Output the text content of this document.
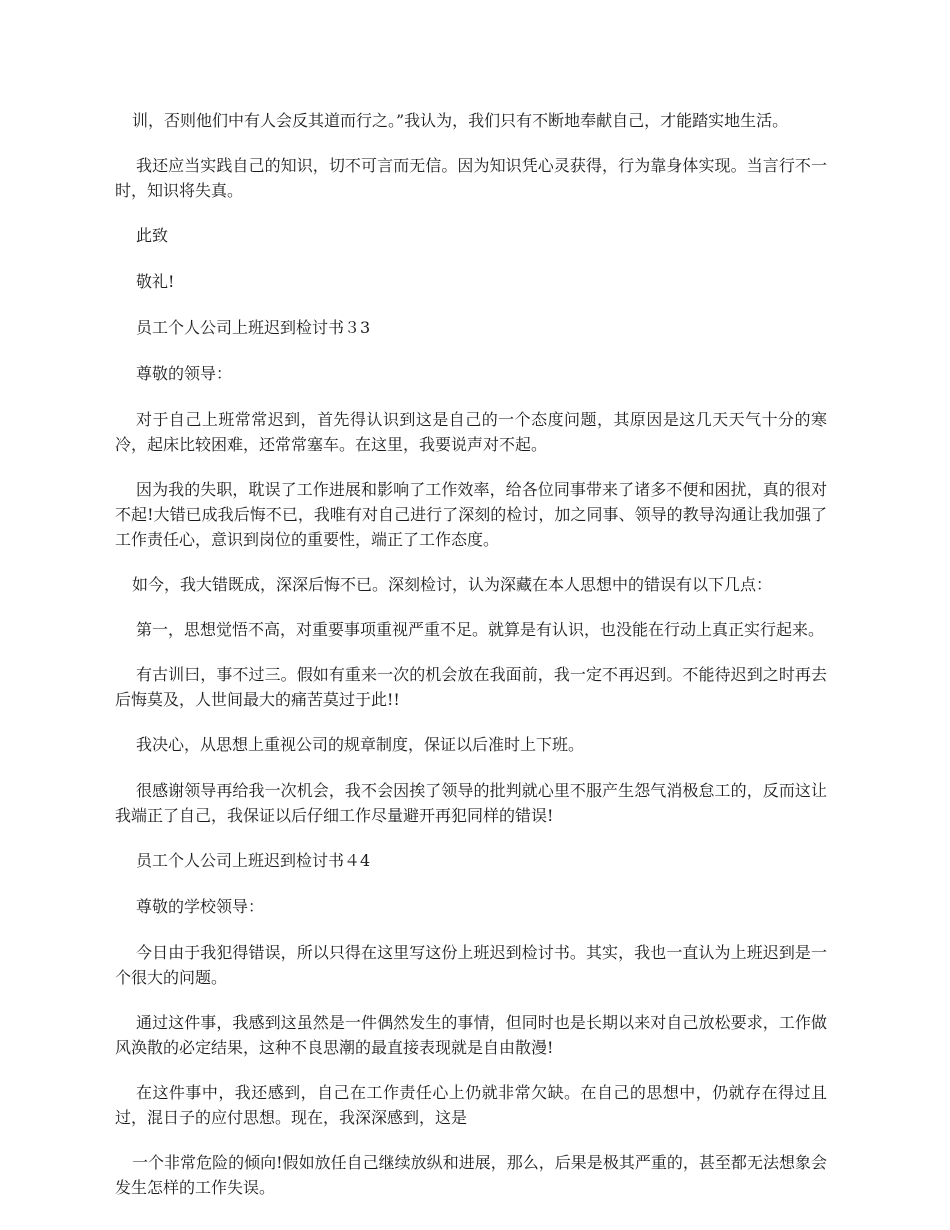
训，否则他们中有人会反其道而行之。”我认为，我们只有不断地奉献自己，才能踏实地生活。

我还应当实践自己的知识，切不可言而无信。因为知识凭心灵获得，行为靠身体实现。当言行不一时，知识将失真。

此致

敬礼!

员工个人公司上班迟到检讨书３3

尊敬的领导：

对于自己上班常常迟到，首先得认识到这是自己的一个态度问题，其原因是这几天天气十分的寒冷，起床比较困难，还常常塞车。在这里，我要说声对不起。

因为我的失职，耽误了工作进展和影响了工作效率，给各位同事带来了诸多不便和困扰，真的很对不起!大错已成我后悔不已，我唯有对自己进行了深刻的检讨，加之同事、领导的教导沟通让我加强了工作责任心，意识到岗位的重要性，端正了工作态度。

如今，我大错既成，深深后悔不已。深刻检讨，认为深藏在本人思想中的错误有以下几点：

第一，思想觉悟不高，对重要事项重视严重不足。就算是有认识，也没能在行动上真正实行起来。

有古训曰，事不过三。假如有重来一次的机会放在我面前，我一定不再迟到。不能待迟到之时再去后悔莫及，人世间最大的痛苦莫过于此!!

我决心，从思想上重视公司的规章制度，保证以后准时上下班。

很感谢领导再给我一次机会，我不会因挨了领导的批判就心里不服产生怨气消极怠工的，反而这让我端正了自己，我保证以后仔细工作尽量避开再犯同样的错误!

员工个人公司上班迟到检讨书４4

尊敬的学校领导：

今日由于我犯得错误，所以只得在这里写这份上班迟到检讨书。其实，我也一直认为上班迟到是一个很大的问题。

通过这件事，我感到这虽然是一件偶然发生的事情，但同时也是长期以来对自己放松要求，工作做风涣散的必定结果，这种不良思潮的最直接表现就是自由散漫!

在这件事中，我还感到，自己在工作责任心上仍就非常欠缺。在自己的思想中，仍就存在得过且过，混日子的应付思想。现在，我深深感到，这是

一个非常危险的倾向!假如放任自己继续放纵和进展，那么，后果是极其严重的，甚至都无法想象会发生怎样的工作失误。
